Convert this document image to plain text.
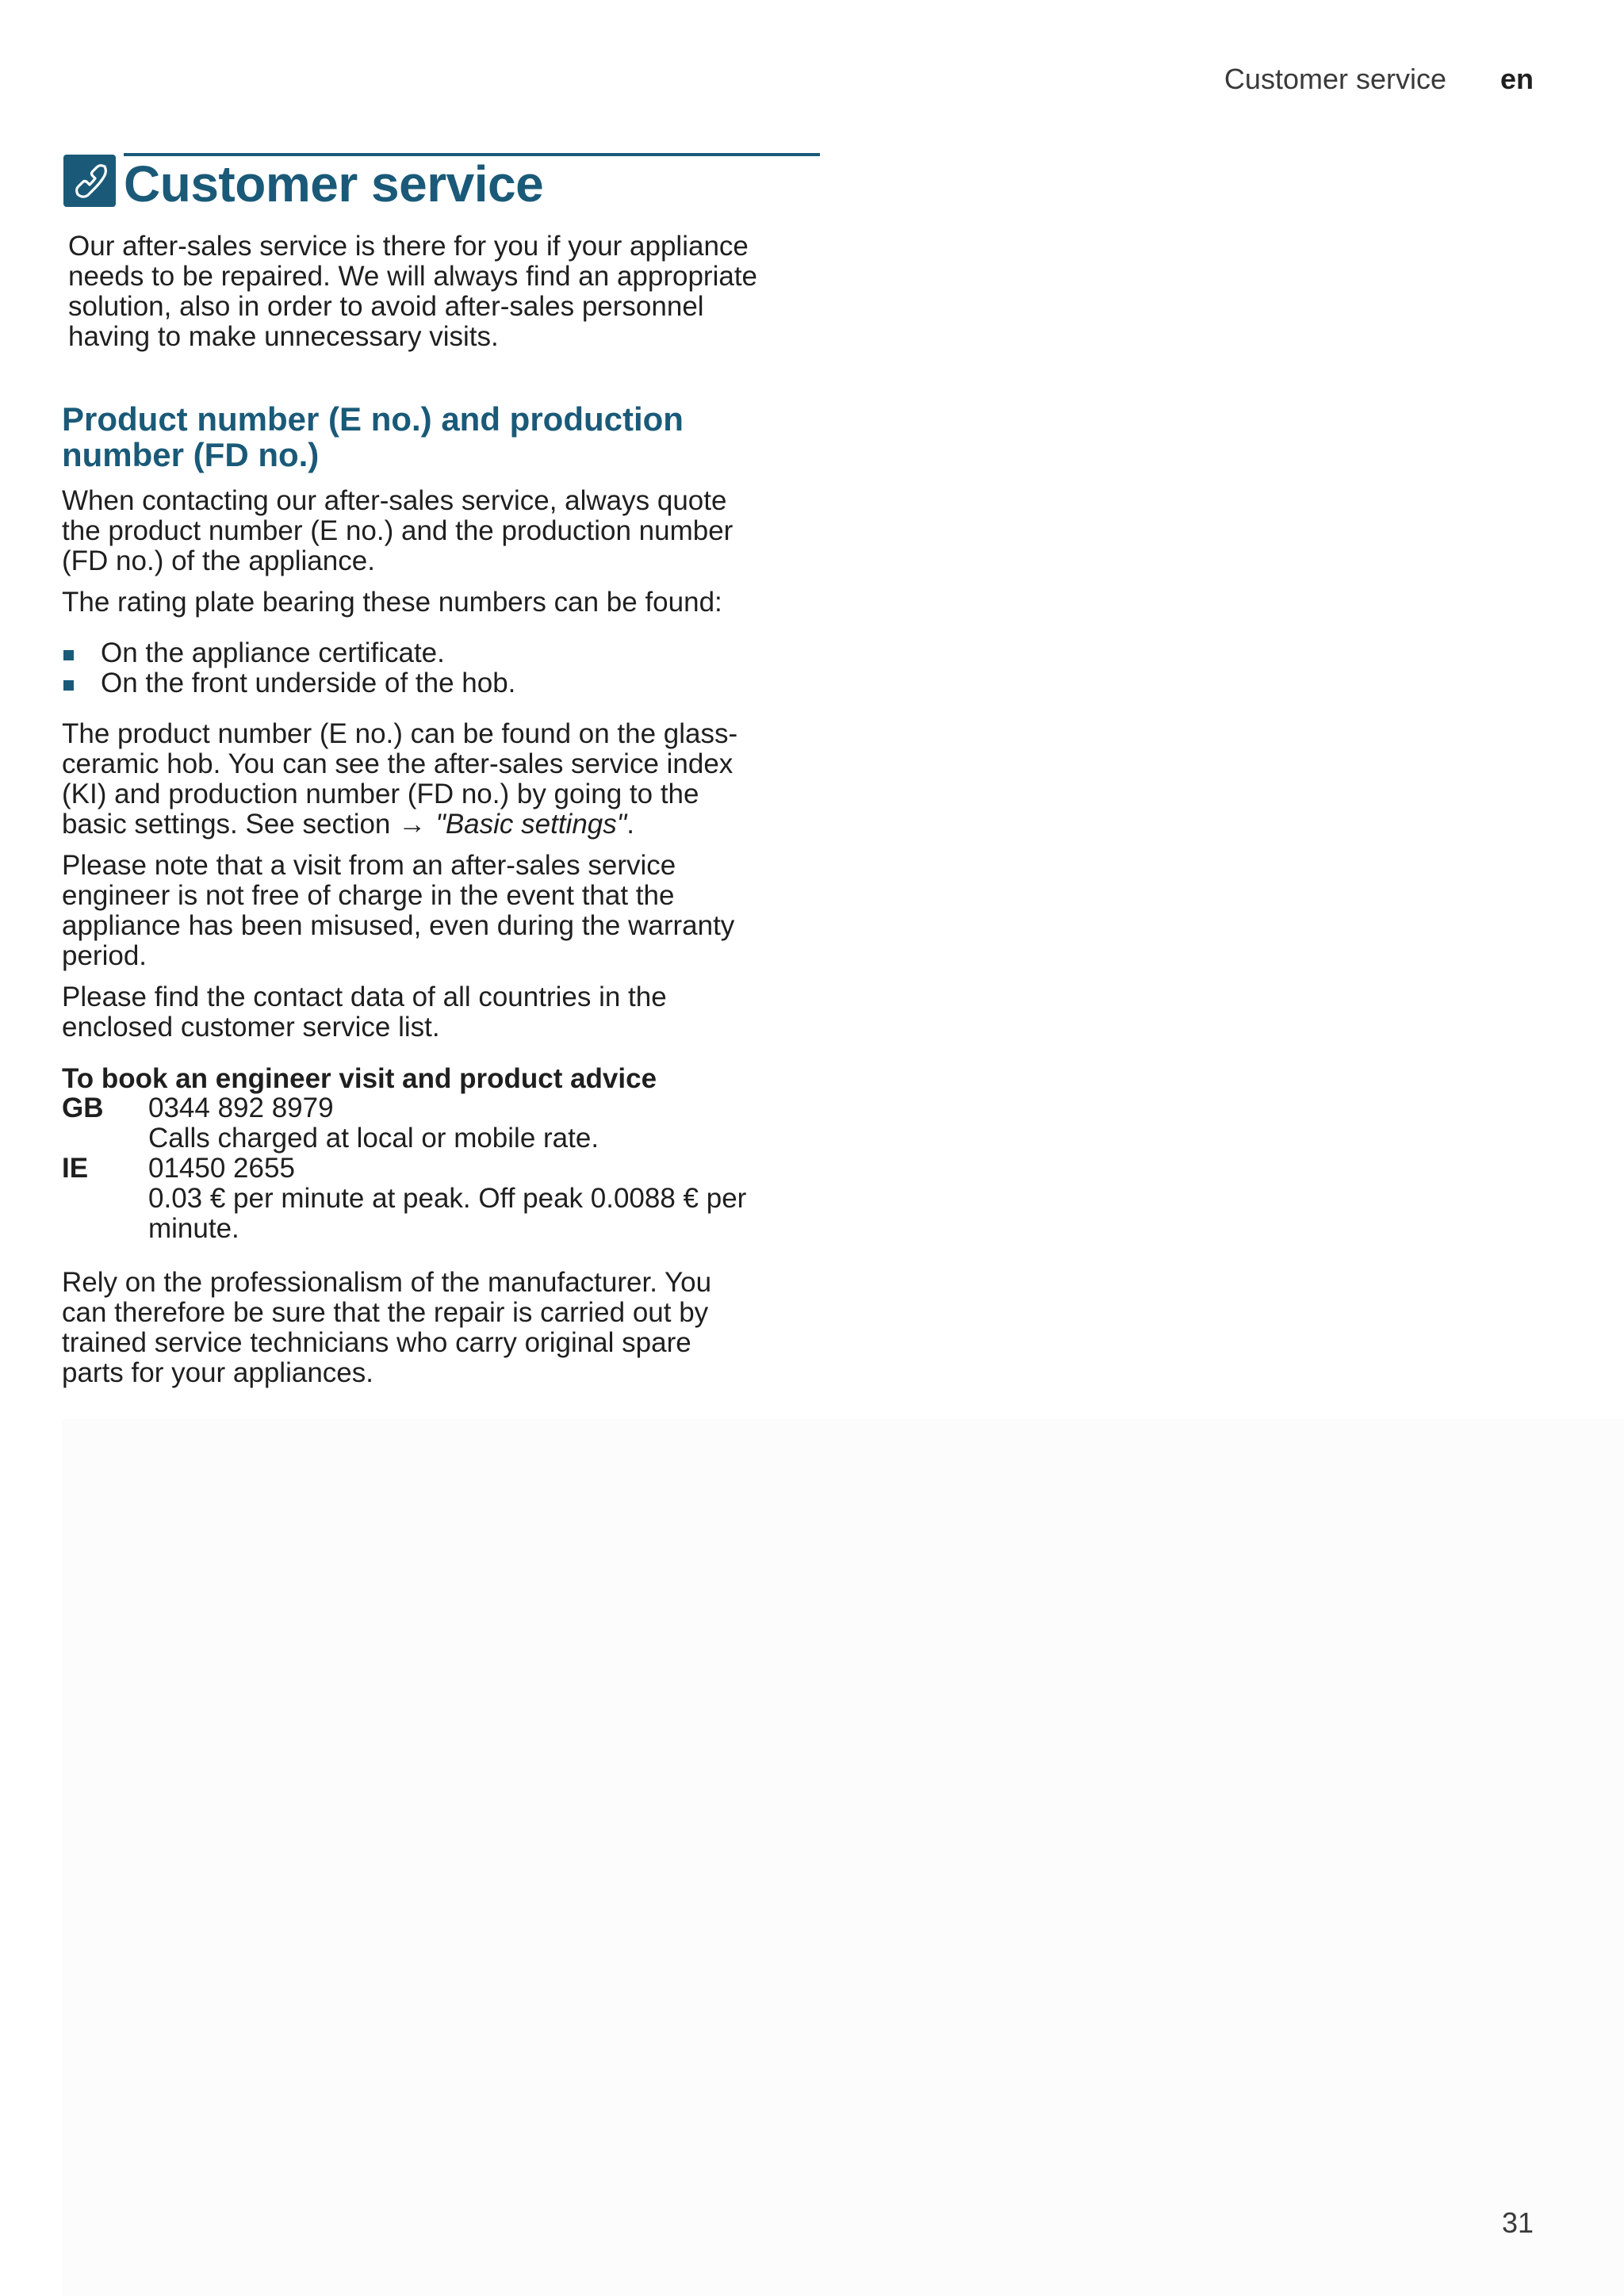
Customer service en
Customer service

Our after-sales service is there for you if your appliance needs to be repaired. We will always find an appropriate solution, also in order to avoid after-sales personnel having to make unnecessary visits.

Product number (E no.) and production
number (FD no.)

When contacting our after-sales service, always quote the product number (E no.) and the production number (FD no.) of the appliance.

The rating plate bearing these numbers can be found:

On the appliance certificate.
On the front underside of the hob.

The product number (E no.) can be found on the glass-ceramic hob. You can see the after-sales service index (KI) and production number (FD no.) by going to the basic settings. See section → "Basic settings".

Please note that a visit from an after-sales service engineer is not free of charge in the event that the appliance has been misused, even during the warranty period.

Please find the contact data of all countries in the enclosed customer service list.

To book an engineer visit and product advice
GB 0344 892 8979
Calls charged at local or mobile rate.
IE 01450 2655
0.03 € per minute at peak. Off peak 0.0088 € per minute.

Rely on the professionalism of the manufacturer. You can therefore be sure that the repair is carried out by trained service technicians who carry original spare parts for your appliances.

31
